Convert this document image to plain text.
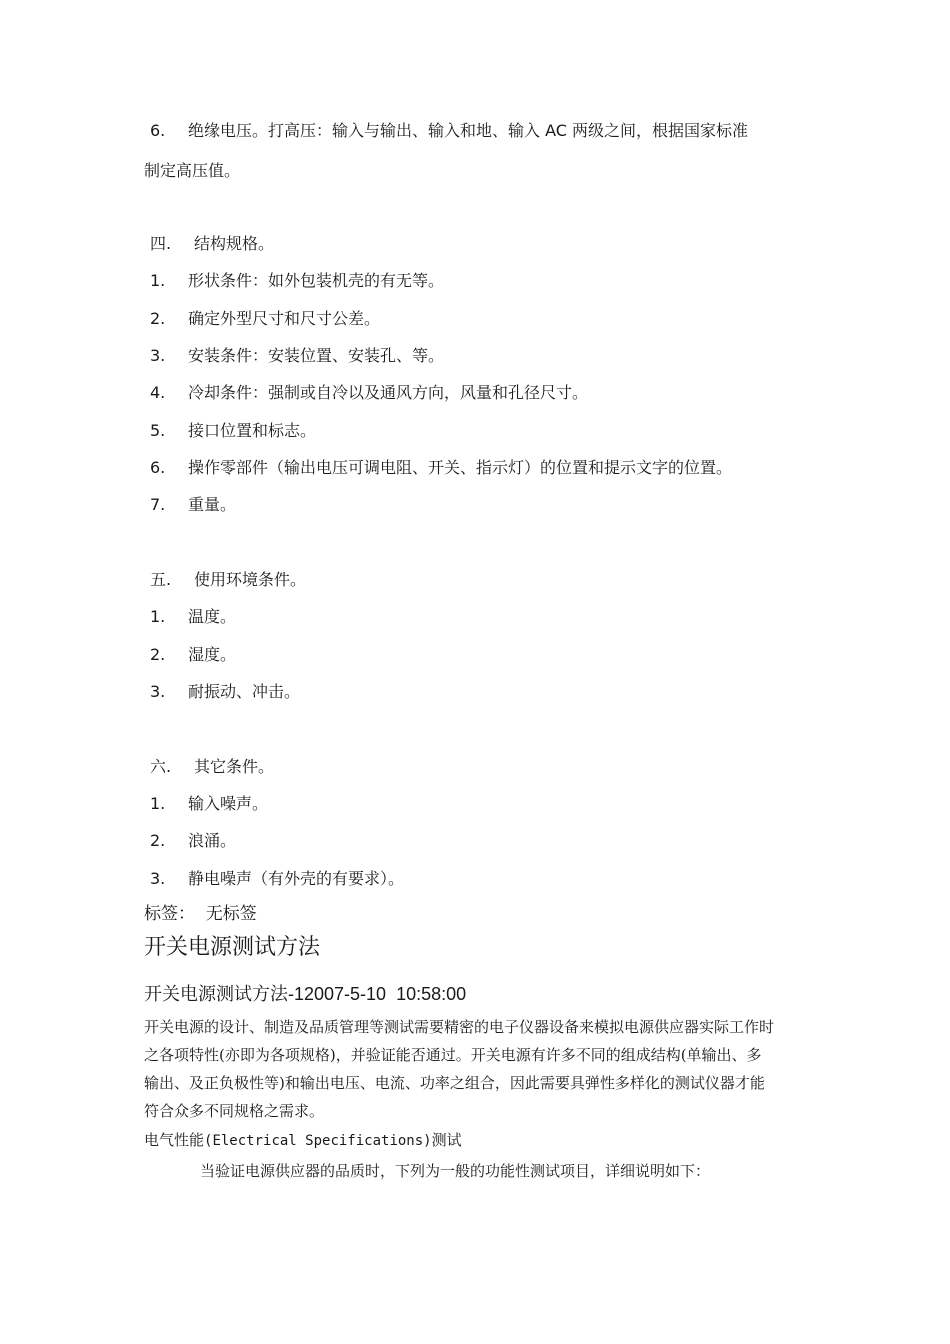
6. 绝缘电压。打高压：输入与输出、输入和地、输入 AC 两级之间，根据国家标准
制定高压值。
四. 结构规格。
1. 形状条件：如外包装机壳的有无等。
2. 确定外型尺寸和尺寸公差。
3. 安装条件：安装位置、安装孔、等。
4. 冷却条件：强制或自冷以及通风方向，风量和孔径尺寸。
5. 接口位置和标志。
6. 操作零部件（输出电压可调电阻、开关、指示灯）的位置和提示文字的位置。
7. 重量。
五. 使用环境条件。
1. 温度。
2. 湿度。
3. 耐振动、冲击。
六. 其它条件。
1. 输入噪声。
2. 浪涌。
3. 静电噪声（有外壳的有要求）。
标签：  无标签
开关电源测试方法
开关电源测试方法-12007-5-10  10:58:00
开关电源的设计、制造及品质管理等测试需要精密的电子仪器设备来模拟电源供应器实际工作时
之各项特性(亦即为各项规格)，并验证能否通过。开关电源有许多不同的组成结构(单输出、多
输出、及正负极性等)和输出电压、电流、功率之组合，因此需要具弹性多样化的测试仪器才能
符合众多不同规格之需求。
电气性能(Electrical Specifications)测试
当验证电源供应器的品质时，下列为一般的功能性测试项目，详细说明如下：
